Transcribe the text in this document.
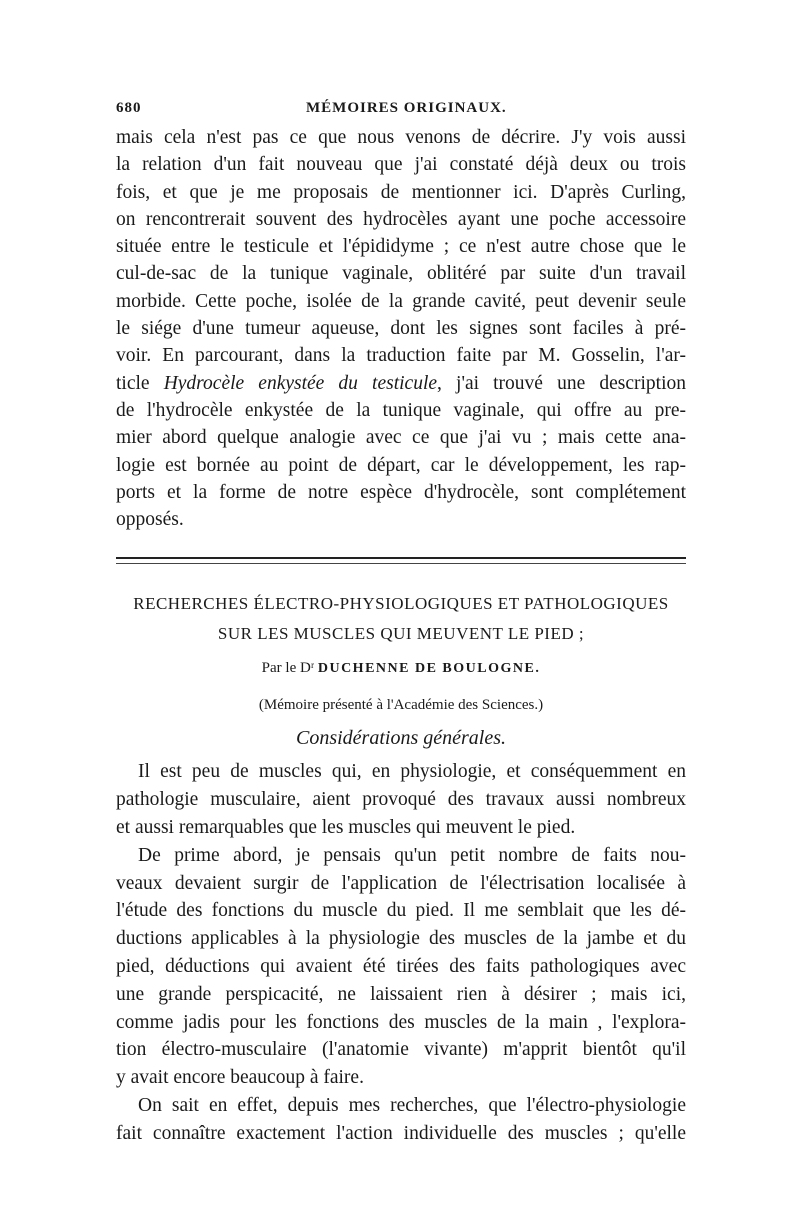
680	MÉMOIRES ORIGINAUX.
mais cela n'est pas ce que nous venons de décrire. J'y vois aussi
la relation d'un fait nouveau que j'ai constaté déjà deux ou trois
fois, et que je me proposais de mentionner ici. D'après Curling,
on rencontrerait souvent des hydrocèles ayant une poche accessoire
située entre le testicule et l'épididyme ; ce n'est autre chose que le
cul-de-sac de la tunique vaginale, oblitéré par suite d'un travail
morbide. Cette poche, isolée de la grande cavité, peut devenir seule
le siége d'une tumeur aqueuse, dont les signes sont faciles à pré-
voir. En parcourant, dans la traduction faite par M. Gosselin, l'ar-
ticle Hydrocèle enkystée du testicule, j'ai trouvé une description
de l'hydrocèle enkystée de la tunique vaginale, qui offre au pre-
mier abord quelque analogie avec ce que j'ai vu ; mais cette ana-
logie est bornée au point de départ, car le développement, les rap-
ports et la forme de notre espèce d'hydrocèle, sont complétement
opposés.
RECHERCHES ÉLECTRO-PHYSIOLOGIQUES ET PATHOLOGIQUES
SUR LES MUSCLES QUI MEUVENT LE PIED ;
Par le Dʳ DUCHENNE DE BOULOGNE.
(Mémoire présenté à l'Académie des Sciences.)
Considérations générales.
Il est peu de muscles qui, en physiologie, et conséquemment en
pathologie musculaire, aient provoqué des travaux aussi nombreux
et aussi remarquables que les muscles qui meuvent le pied.
De prime abord, je pensais qu'un petit nombre de faits nou-
veaux devaient surgir de l'application de l'électrisation localisée à
l'étude des fonctions du muscle du pied. Il me semblait que les dé-
ductions applicables à la physiologie des muscles de la jambe et du
pied, déductions qui avaient été tirées des faits pathologiques avec
une grande perspicacité, ne laissaient rien à désirer ; mais ici,
comme jadis pour les fonctions des muscles de la main , l'explora-
tion électro-musculaire (l'anatomie vivante) m'apprit bientôt qu'il
y avait encore beaucoup à faire.
On sait en effet, depuis mes recherches, que l'électro-physiologie
fait connaître exactement l'action individuelle des muscles ; qu'elle
